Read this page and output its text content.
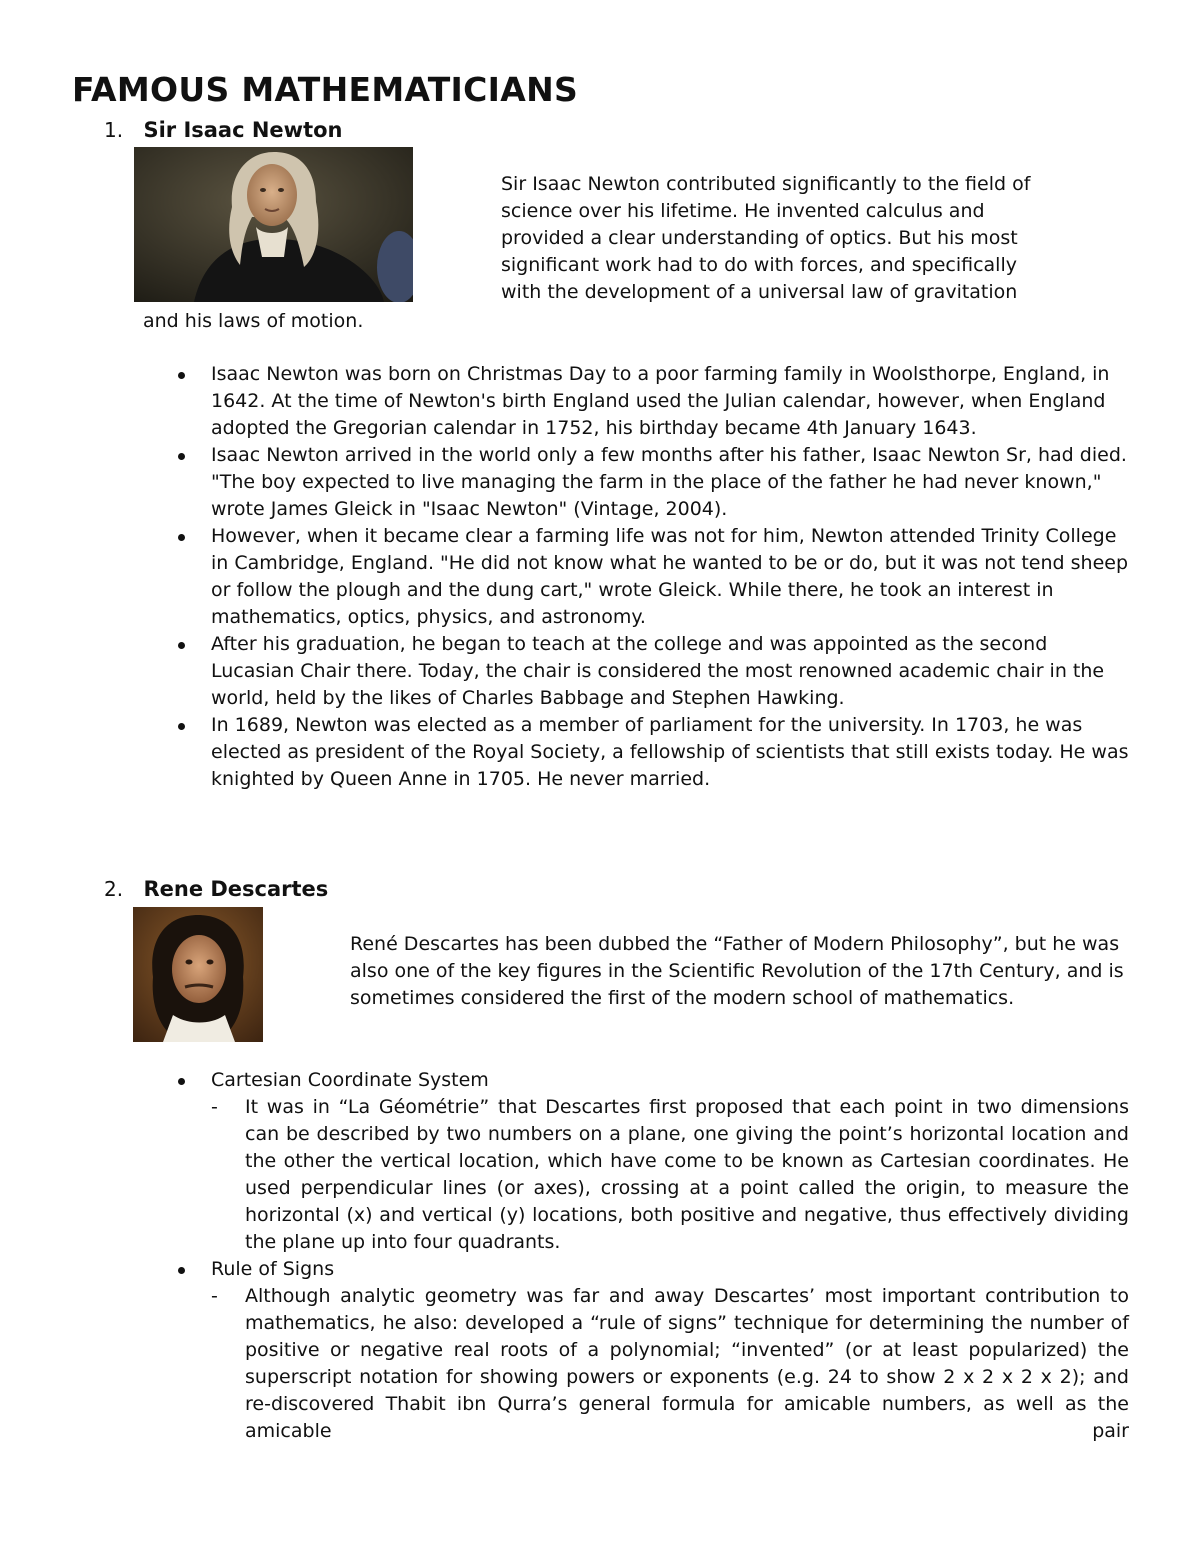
FAMOUS MATHEMATICIANS
1. Sir Isaac Newton

Sir Isaac Newton contributed significantly to the field of

science over his lifetime. He invented calculus and

provided a clear understanding of optics. But his most

significant work had to do with forces, and specifically

with the development of a universal law of gravitation

and his laws of motion.

Isaac Newton was born on Christmas Day to a poor farming family in Woolsthorpe, England, in 1642. At the time of Newton's birth England used the Julian calendar, however, when England adopted the Gregorian calendar in 1752, his birthday became 4th January 1643.
Isaac Newton arrived in the world only a few months after his father, Isaac Newton Sr, had died. "The boy expected to live managing the farm in the place of the father he had never known," wrote James Gleick in "Isaac Newton" (Vintage, 2004).
However, when it became clear a farming life was not for him, Newton attended Trinity College in Cambridge, England. "He did not know what he wanted to be or do, but it was not tend sheep or follow the plough and the dung cart," wrote Gleick. While there, he took an interest in mathematics, optics, physics, and astronomy.
After his graduation, he began to teach at the college and was appointed as the second Lucasian Chair there. Today, the chair is considered the most renowned academic chair in the world, held by the likes of Charles Babbage and Stephen Hawking.
In 1689, Newton was elected as a member of parliament for the university. In 1703, he was elected as president of the Royal Society, a fellowship of scientists that still exists today. He was knighted by Queen Anne in 1705. He never married.
2. Rene Descartes

René Descartes has been dubbed the “Father of Modern Philosophy”, but he was also one of the key figures in the Scientific Revolution of the 17th Century, and is sometimes considered the first of the modern school of mathematics.

Cartesian Coordinate System
- It was in “La Géométrie” that Descartes first proposed that each point in two dimensions can be described by two numbers on a plane, one giving the point’s horizontal location and the other the vertical location, which have come to be known as Cartesian coordinates. He used perpendicular lines (or axes), crossing at a point called the origin, to measure the horizontal (x) and vertical (y) locations, both positive and negative, thus effectively dividing the plane up into four quadrants.
Rule of Signs
- Although analytic geometry was far and away Descartes’ most important contribution to mathematics, he also: developed a “rule of signs” technique for determining the number of positive or negative real roots of a polynomial; “invented” (or at least popularized) the superscript notation for showing powers or exponents (e.g. 24 to show 2 x 2 x 2 x 2); and re-discovered Thabit ibn Qurra’s general formula for amicable numbers, as well as the amicable pair
